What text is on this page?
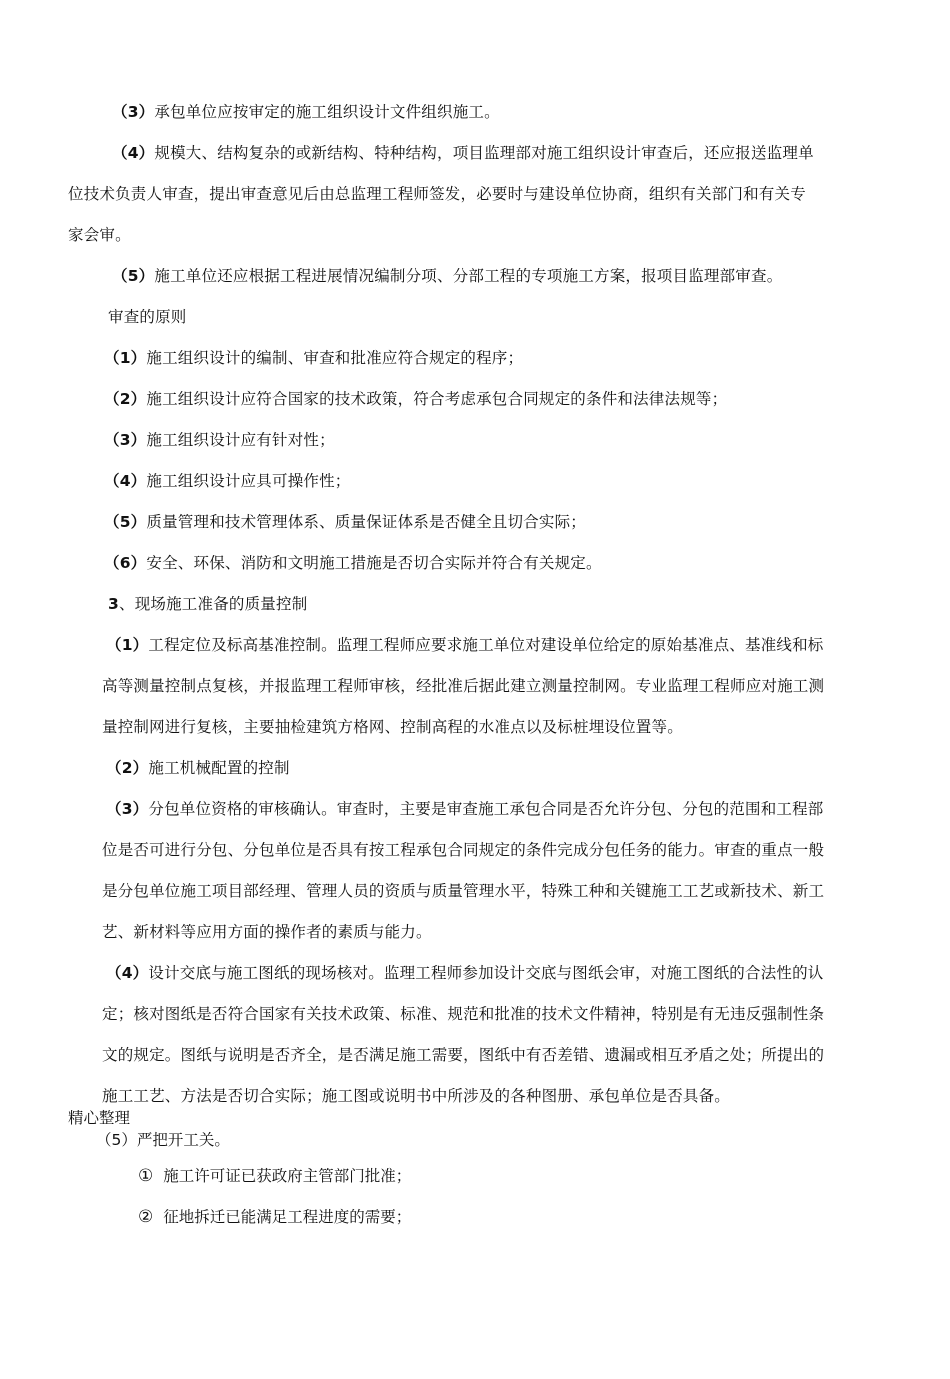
（3）承包单位应按审定的施工组织设计文件组织施工。
（4）规模大、结构复杂的或新结构、特种结构，项目监理部对施工组织设计审查后，还应报送监理单
位技术负责人审查，提出审查意见后由总监理工程师签发，必要时与建设单位协商，组织有关部门和有关专
家会审。
（5）施工单位还应根据工程进展情况编制分项、分部工程的专项施工方案，报项目监理部审查。
审查的原则
（1）施工组织设计的编制、审查和批准应符合规定的程序；
（2）施工组织设计应符合国家的技术政策，符合考虑承包合同规定的条件和法律法规等；
（3）施工组织设计应有针对性；
（4）施工组织设计应具可操作性；
（5）质量管理和技术管理体系、质量保证体系是否健全且切合实际；
（6）安全、环保、消防和文明施工措施是否切合实际并符合有关规定。
3、现场施工准备的质量控制
（1）工程定位及标高基准控制。监理工程师应要求施工单位对建设单位给定的原始基准点、基准线和标
高等测量控制点复核，并报监理工程师审核，经批准后据此建立测量控制网。专业监理工程师应对施工测
量控制网进行复核，主要抽检建筑方格网、控制高程的水准点以及标桩埋设位置等。
（2）施工机械配置的控制
（3）分包单位资格的审核确认。审查时，主要是审查施工承包合同是否允许分包、分包的范围和工程部
位是否可进行分包、分包单位是否具有按工程承包合同规定的条件完成分包任务的能力。审查的重点一般
是分包单位施工项目部经理、管理人员的资质与质量管理水平，特殊工种和关键施工工艺或新技术、新工
艺、新材料等应用方面的操作者的素质与能力。
（4）设计交底与施工图纸的现场核对。监理工程师参加设计交底与图纸会审，对施工图纸的合法性的认
定；核对图纸是否符合国家有关技术政策、标准、规范和批准的技术文件精神，特别是有无违反强制性条
文的规定。图纸与说明是否齐全，是否满足施工需要，图纸中有否差错、遗漏或相互矛盾之处；所提出的
施工工艺、方法是否切合实际；施工图或说明书中所涉及的各种图册、承包单位是否具备。
精心整理
（5）严把开工关。
① 施工许可证已获政府主管部门批准；
② 征地拆迁已能满足工程进度的需要；
